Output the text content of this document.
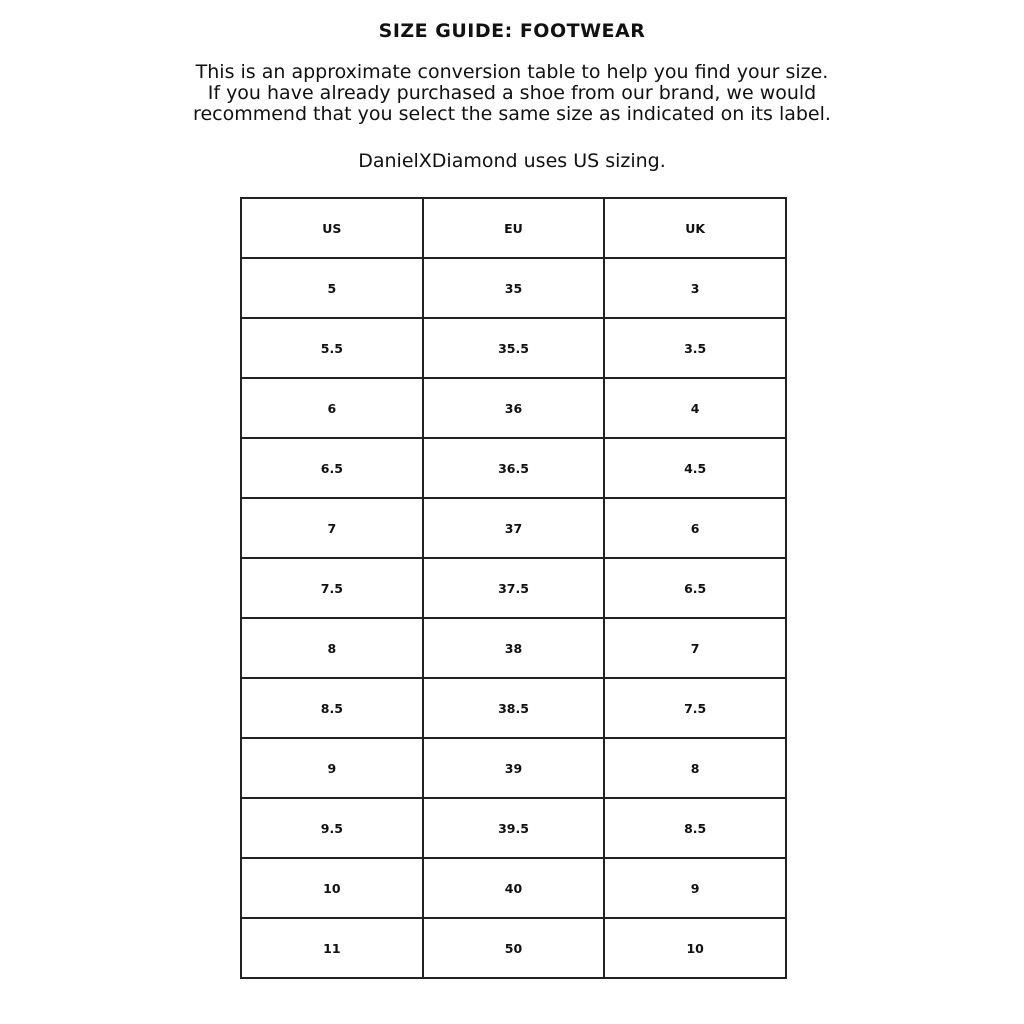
SIZE GUIDE: FOOTWEAR

This is an approximate conversion table to help you find your size.

If you have already purchased a shoe from our brand, we would

recommend that you select the same size as indicated on its label.

DanielXDiamond uses US sizing.
US	EU	UK
5	35	3
5.5	35.5	3.5
6	36	4
6.5	36.5	4.5
7	37	6
7.5	37.5	6.5
8	38	7
8.5	38.5	7.5
9	39	8
9.5	39.5	8.5
10	40	9
11	50	10
